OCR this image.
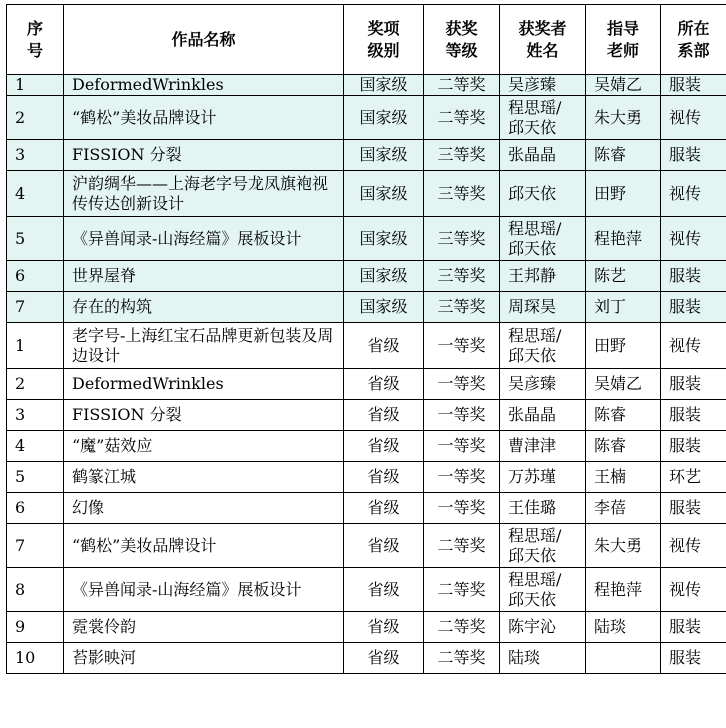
序号	作品名称	奖项级别	获奖等级	获奖者姓名	指导老师	所在系部
1	DeformedWrinkles	国家级	二等奖	吴彦臻	吴婧乙	服装
2	“鹤松”美妆品牌设计	国家级	二等奖	程思瑶/邱天依	朱大勇	视传
3	FISSION 分裂	国家级	三等奖	张晶晶	陈睿	服装
4	沪韵绸华——上海老字号龙凤旗袍视传传达创新设计	国家级	三等奖	邱天依	田野	视传
5	《异兽闻录-山海经篇》展板设计	国家级	三等奖	程思瑶/邱天依	程艳萍	视传
6	世界屋脊	国家级	三等奖	王邦静	陈艺	服装
7	存在的构筑	国家级	三等奖	周琛昊	刘丁	服装
1	老字号-上海红宝石品牌更新包装及周边设计	省级	一等奖	程思瑶/邱天依	田野	视传
2	DeformedWrinkles	省级	一等奖	吴彦臻	吴婧乙	服装
3	FISSION 分裂	省级	一等奖	张晶晶	陈睿	服装
4	“魔”菇效应	省级	一等奖	曹津津	陈睿	服装
5	鹤篆江城	省级	一等奖	万苏瑾	王楠	环艺
6	幻像	省级	一等奖	王佳璐	李蓓	服装
7	“鹤松”美妆品牌设计	省级	二等奖	程思瑶/邱天依	朱大勇	视传
8	《异兽闻录-山海经篇》展板设计	省级	二等奖	程思瑶/邱天依	程艳萍	视传
9	霓裳伶韵	省级	二等奖	陈宇沁	陆琰	服装
10	苔影映河	省级	二等奖	陆琰		服装
